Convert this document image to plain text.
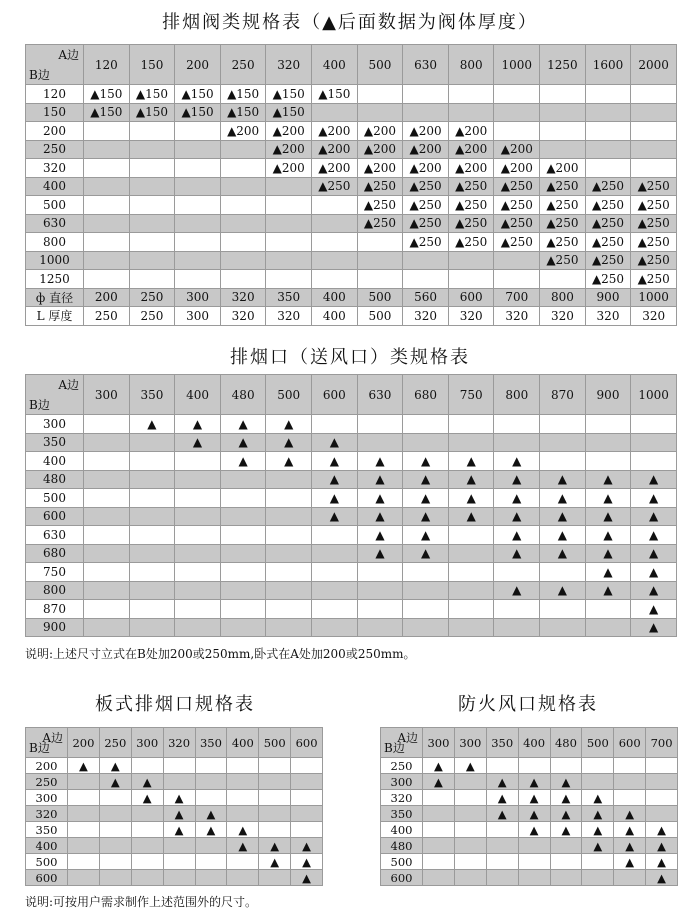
排烟阀类规格表（▲后面数据为阀体厚度）
A边
B边	120	150	200	250	320	400	500	630	800	1000	1250	1600	2000
120	▲150	▲150	▲150	▲150	▲150	▲150							
150	▲150	▲150	▲150	▲150	▲150								
200				▲200	▲200	▲200	▲200	▲200	▲200				
250					▲200	▲200	▲200	▲200	▲200	▲200			
320					▲200	▲200	▲200	▲200	▲200	▲200	▲200		
400						▲250	▲250	▲250	▲250	▲250	▲250	▲250	▲250
500							▲250	▲250	▲250	▲250	▲250	▲250	▲250
630							▲250	▲250	▲250	▲250	▲250	▲250	▲250
800								▲250	▲250	▲250	▲250	▲250	▲250
1000											▲250	▲250	▲250
1250												▲250	▲250
ф 直径	200	250	300	320	350	400	500	560	600	700	800	900	1000
L 厚度	250	250	300	320	320	400	500	320	320	320	320	320	320
排烟口（送风口）类规格表
A边
B边	300	350	400	480	500	600	630	680	750	800	870	900	1000
300		▲	▲	▲	▲								
350			▲	▲	▲	▲							
400				▲	▲	▲	▲	▲	▲	▲			
480						▲	▲	▲	▲	▲	▲	▲	▲
500						▲	▲	▲	▲	▲	▲	▲	▲
600						▲	▲	▲	▲	▲	▲	▲	▲
630							▲	▲		▲	▲	▲	▲
680							▲	▲		▲	▲	▲	▲
750												▲	▲
800										▲	▲	▲	▲
870													▲
900													▲
说明:上述尺寸立式在B处加200或250mm,卧式在A处加200或250mm。
板式排烟口规格表
A边
B边	200	250	300	320	350	400	500	600
200	▲	▲						
250		▲	▲					
300			▲	▲				
320				▲	▲			
350				▲	▲	▲		
400						▲	▲	▲
500							▲	▲
600								▲
说明:可按用户需求制作上述范围外的尺寸。
防火风口规格表
A边
B边	300	300	350	400	480	500	600	700
250	▲	▲						
300	▲		▲	▲	▲			
320			▲	▲	▲	▲		
350			▲	▲	▲	▲	▲	
400				▲	▲	▲	▲	▲
480						▲	▲	▲
500							▲	▲
600								▲
